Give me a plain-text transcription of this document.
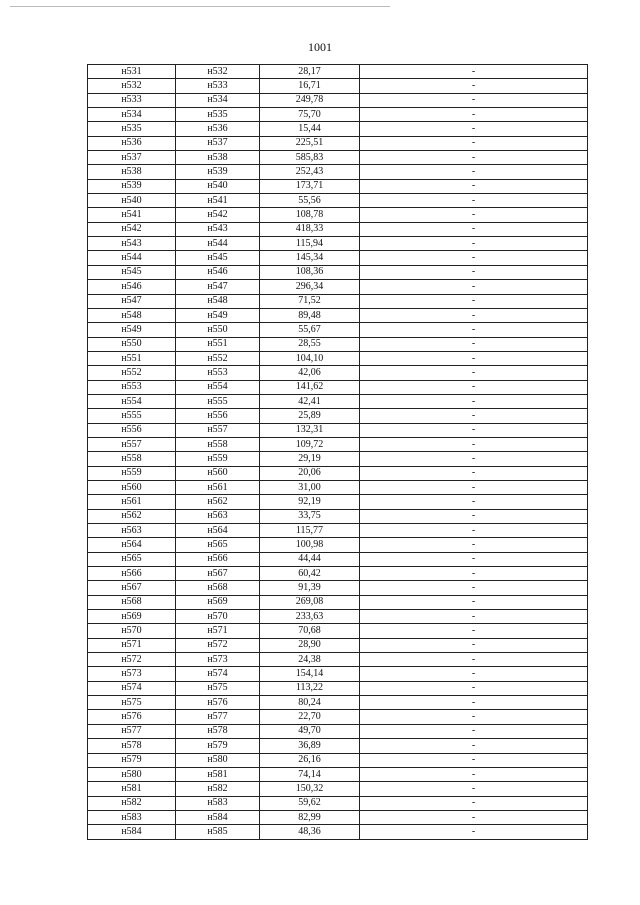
1001
н531	н532	28,17	-
н532	н533	16,71	-
н533	н534	249,78	-
н534	н535	75,70	-
н535	н536	15,44	-
н536	н537	225,51	-
н537	н538	585,83	-
н538	н539	252,43	-
н539	н540	173,71	-
н540	н541	55,56	-
н541	н542	108,78	-
н542	н543	418,33	-
н543	н544	115,94	-
н544	н545	145,34	-
н545	н546	108,36	-
н546	н547	296,34	-
н547	н548	71,52	-
н548	н549	89,48	-
н549	н550	55,67	-
н550	н551	28,55	-
н551	н552	104,10	-
н552	н553	42,06	-
н553	н554	141,62	-
н554	н555	42,41	-
н555	н556	25,89	-
н556	н557	132,31	-
н557	н558	109,72	-
н558	н559	29,19	-
н559	н560	20,06	-
н560	н561	31,00	-
н561	н562	92,19	-
н562	н563	33,75	-
н563	н564	115,77	-
н564	н565	100,98	-
н565	н566	44,44	-
н566	н567	60,42	-
н567	н568	91,39	-
н568	н569	269,08	-
н569	н570	233,63	-
н570	н571	70,68	-
н571	н572	28,90	-
н572	н573	24,38	-
н573	н574	154,14	-
н574	н575	113,22	-
н575	н576	80,24	-
н576	н577	22,70	-
н577	н578	49,70	-
н578	н579	36,89	-
н579	н580	26,16	-
н580	н581	74,14	-
н581	н582	150,32	-
н582	н583	59,62	-
н583	н584	82,99	-
н584	н585	48,36	-
